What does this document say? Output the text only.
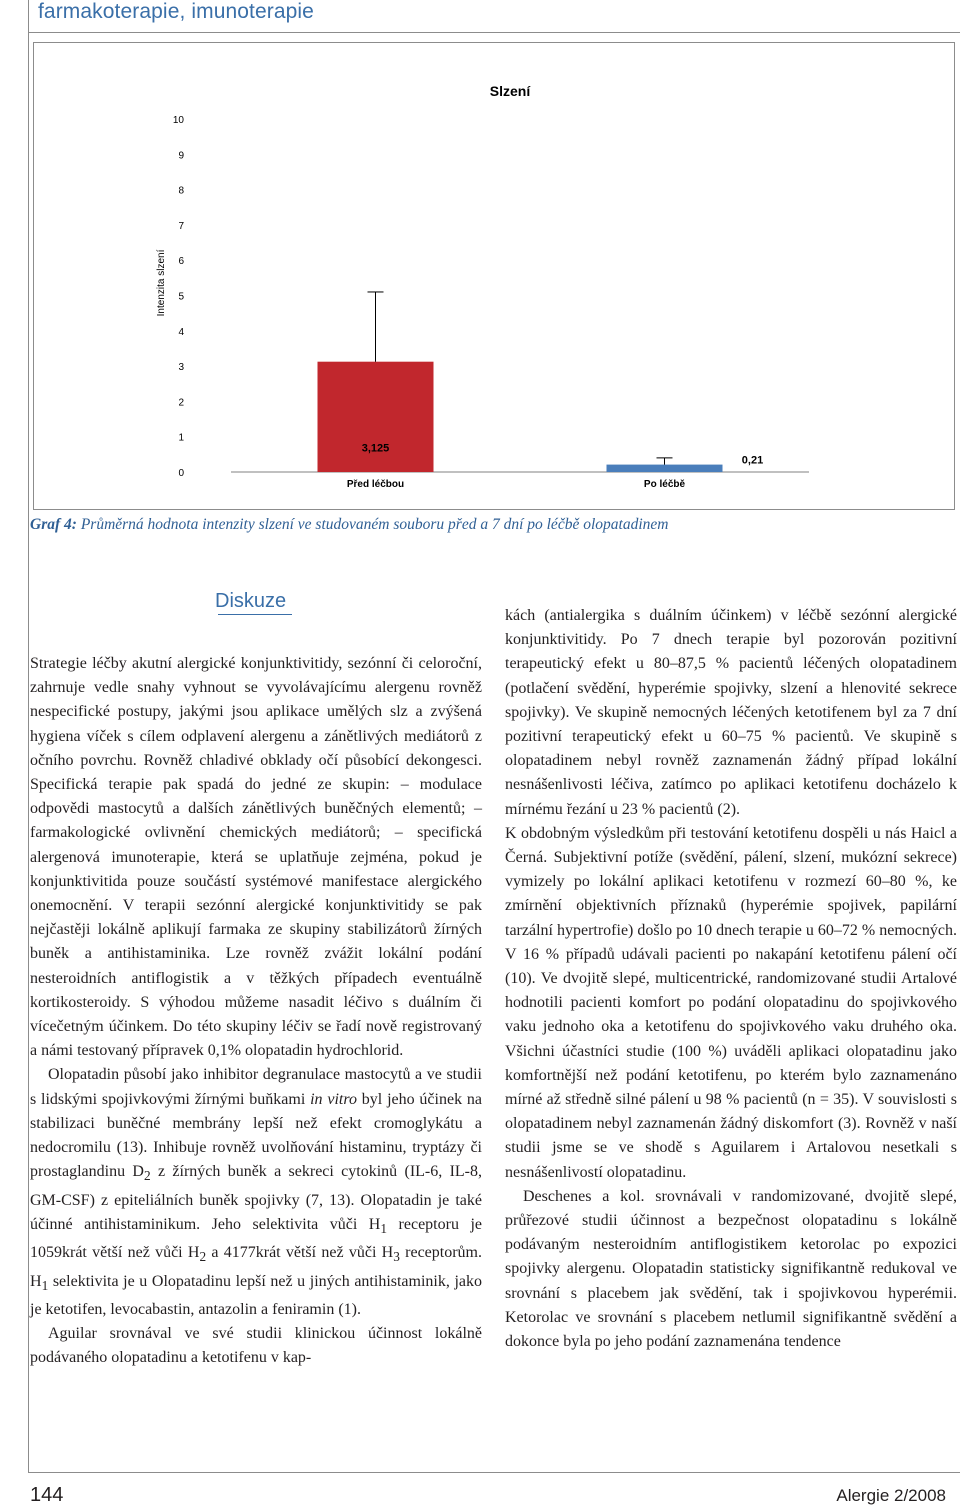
farmakoterapie, imunoterapie
Slzení
Intenzita slzení
0
1
2
3
4
5
6
7
8
9
10
Před léčbou
3,125
Po léčbě
0,21
Graf 4: Průměrná hodnota intenzity slzení ve studovaném souboru před a 7 dní po léčbě olopatadinem
Diskuze

Strategie léčby akutní alergické konjunktivitidy, sezónní či celoroční, zahrnuje vedle snahy vyhnout se vyvolávajícímu alergenu rovněž nespecifické postupy, jakými jsou aplikace umělých slz a zvýšená hygiena víček s cílem odplavení alergenu a zánětlivých mediátorů z očního povrchu. Rovněž chladivé obklady očí působící dekongesci. Specifická terapie pak spadá do jedné ze skupin: – modulace odpovědi mastocytů a dalších zánětlivých buněčných elementů; – farmakologické ovlivnění chemických mediátorů; – specifická alergenová imunoterapie, která se uplatňuje zejména, pokud je konjunktivitida pouze součástí systémové manifestace alergického onemocnění. V terapii sezónní alergické konjunktivitidy se pak nejčastěji lokálně aplikují farmaka ze skupiny stabilizátorů žírných buněk a antihistaminika. Lze rovněž zvážit lokální podání nesteroidních antiflogistik a v těžkých případech eventuálně kortikosteroidy. S výhodou můžeme nasadit léčivo s duálním či vícečetným účinkem. Do této skupiny léčiv se řadí nově registrovaný a námi testovaný přípravek 0,1% olopatadin hydrochlorid.

Olopatadin působí jako inhibitor degranulace mastocytů a ve studii s lidskými spojivkovými žírnými buňkami in vitro byl jeho účinek na stabilizaci buněčné membrány lepší než efekt cromoglykátu a nedocromilu (13). Inhibuje rovněž uvolňování histaminu, tryptázy či prostaglandinu $D_2$ z žírných buněk a sekreci cytokinů (IL-6, IL-8, GM-CSF) z epiteliálních buněk spojivky (7, 13). Olopatadin je také účinné antihistaminikum. Jeho selektivita vůči $H_1$ receptoru je 1059krát větší než vůči $H_2$ a 4177krát větší než vůči $H_3$ receptorům. $H_1$ selektivita je u Olopatadinu lepší než u jiných antihistaminik, jako je ketotifen, levocabastin, antazolin a feniramin (1).

Aguilar srovnával ve své studii klinickou účinnost lokálně podávaného olopatadinu a ketotifenu v kap-

kách (antialergika s duálním účinkem) v léčbě sezónní alergické konjunktivitidy. Po 7 dnech terapie byl pozorován pozitivní terapeutický efekt u 80–87,5 % pacientů léčených olopatadinem (potlačení svědění, hyperémie spojivky, slzení a hlenovité sekrece spojivky). Ve skupině nemocných léčených ketotifenem byl za 7 dní pozitivní terapeutický efekt u 60–75 % pacientů. Ve skupině s olopatadinem nebyl rovněž zaznamenán žádný případ lokální nesnášenlivosti léčiva, zatímco po aplikaci ketotifenu docházelo k mírnému řezání u 23 % pacientů (2).

K obdobným výsledkům při testování ketotifenu dospěli u nás Haicl a Černá. Subjektivní potíže (svědění, pálení, slzení, mukózní sekrece) vymizely po lokální aplikaci ketotifenu v rozmezí 60–80 %, ke zmírnění objektivních příznaků (hyperémie spojivek, papilární tarzální hypertrofie) došlo po 10 dnech terapie u 60–72 % nemocných. V 16 % případů udávali pacienti po nakapání ketotifenu pálení očí (10). Ve dvojitě slepé, multicentrické, randomizované studii Artalové hodnotili pacienti komfort po podání olopatadinu do spojivkového vaku jednoho oka a ketotifenu do spojivkového vaku druhého oka. Všichni účastníci studie (100 %) uváděli aplikaci olopatadinu jako komfortnější než podání ketotifenu, po kterém bylo zaznamenáno mírné až středně silné pálení u 98 % pacientů (n = 35). V souvislosti s olopatadinem nebyl zaznamenán žádný diskomfort (3). Rovněž v naší studii jsme se ve shodě s Aguilarem i Artalovou nesetkali s nesnášenlivostí olopatadinu.

Deschenes a kol. srovnávali v randomizované, dvojitě slepé, průřezové studii účinnost a bezpečnost olopatadinu s lokálně podávaným nesteroidním antiflogistikem ketorolac po expozici spojivky alergenu. Olopatadin statisticky signifikantně redukoval ve srovnání s placebem jak svědění, tak i spojivkovou hyperémii. Ketorolac ve srovnání s placebem netlumil signifikantně svědění a dokonce byla po jeho podání zaznamenána tendence

144	Alergie 2/2008
